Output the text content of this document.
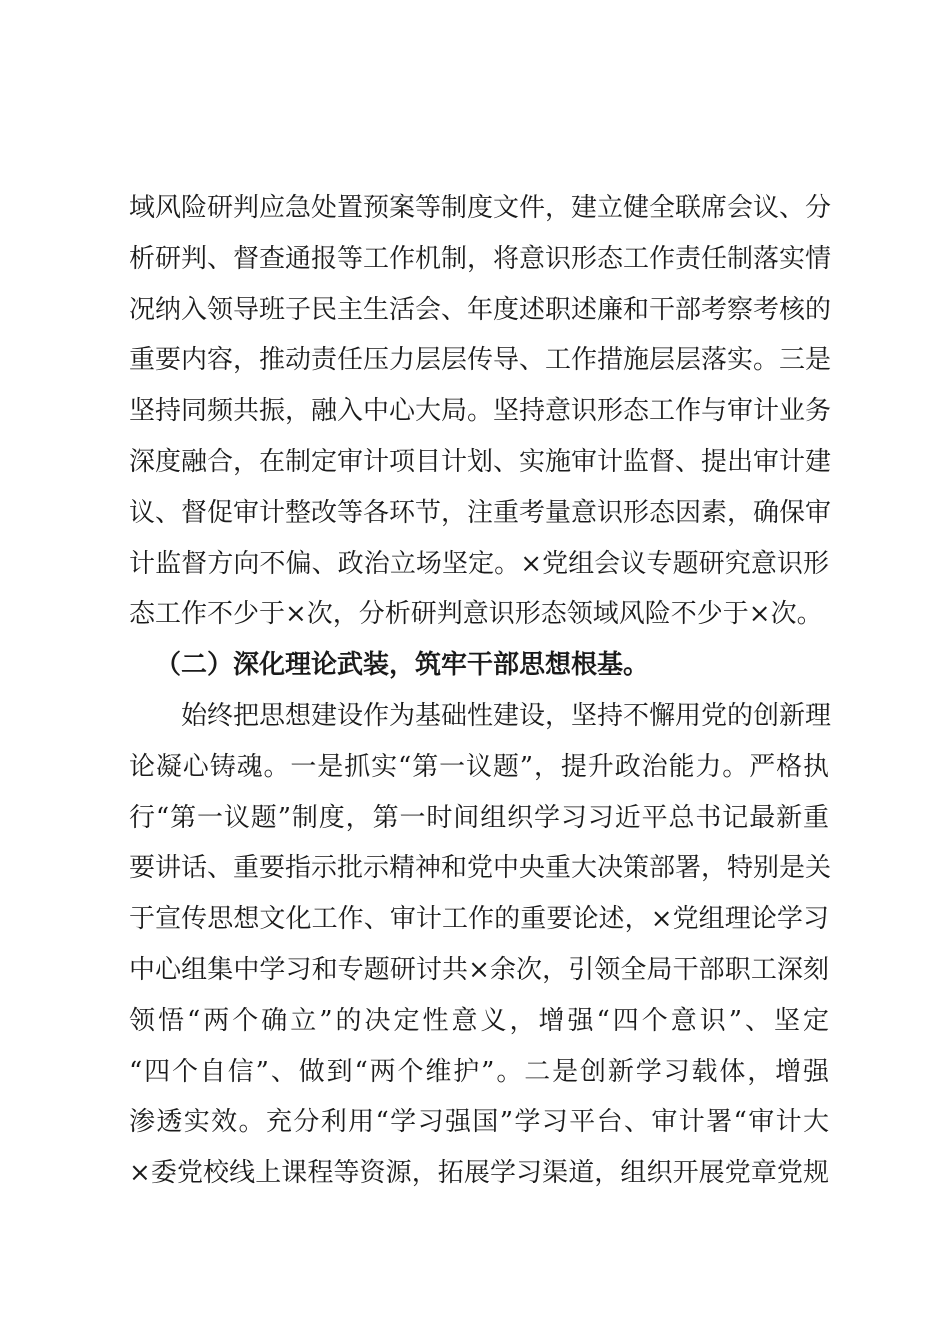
域风险研判应急处置预案等制度文件，建立健全联席会议、分
析研判、督查通报等工作机制，将意识形态工作责任制落实情
况纳入领导班子民主生活会、年度述职述廉和干部考察考核的
重要内容，推动责任压力层层传导、工作措施层层落实。三是
坚持同频共振，融入中心大局。坚持意识形态工作与审计业务
深度融合，在制定审计项目计划、实施审计监督、提出审计建
议、督促审计整改等各环节，注重考量意识形态因素，确保审
计监督方向不偏、政治立场坚定。×党组会议专题研究意识形
态工作不少于×次，分析研判意识形态领域风险不少于×次。
（二）深化理论武装，筑牢干部思想根基。
始终把思想建设作为基础性建设，坚持不懈用党的创新理
论凝心铸魂。一是抓实“第一议题”，提升政治能力。严格执
行“第一议题”制度，第一时间组织学习习近平总书记最新重
要讲话、重要指示批示精神和党中央重大决策部署，特别是关
于宣传思想文化工作、审计工作的重要论述，×党组理论学习
中心组集中学习和专题研讨共×余次，引领全局干部职工深刻
领悟“两个确立”的决定性意义，增强“四个意识”、坚定
“四个自信”、做到“两个维护”。二是创新学习载体，增强
渗透实效。充分利用“学习强国”学习平台、审计署“审计大
×委党校线上课程等资源，拓展学习渠道，组织开展党章党规
